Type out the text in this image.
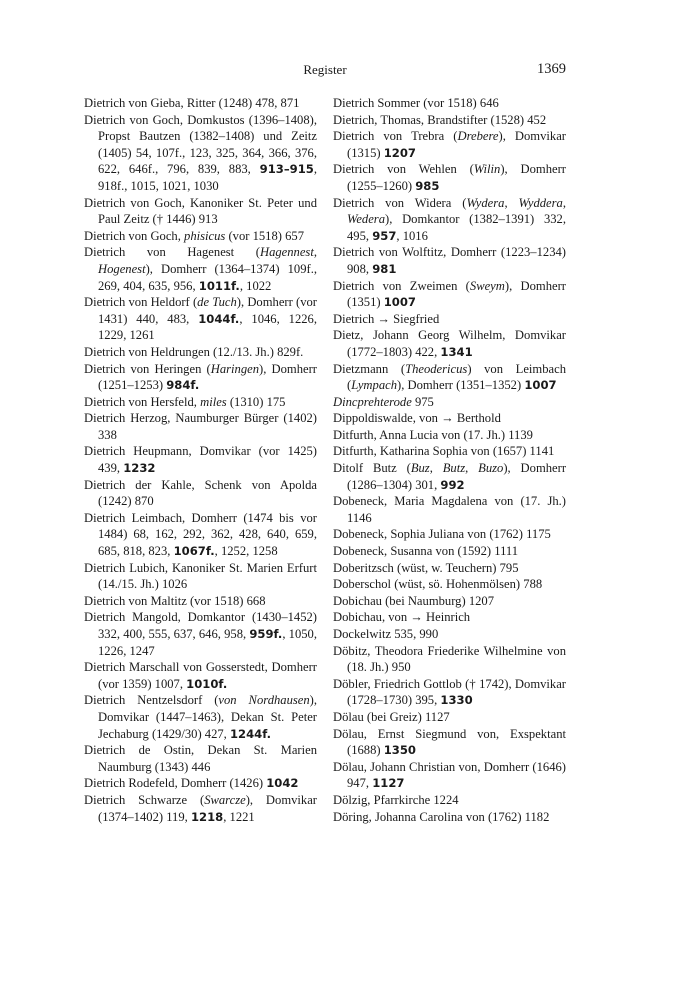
Register	1369
Dietrich von Gieba, Ritter (1248) 478, 871
Dietrich von Goch, Domkustos (1396–1408), Propst Bautzen (1382–1408) und Zeitz (1405) 54, 107f., 123, 325, 364, 366, 376, 622, 646f., 796, 839, 883, 913–915, 918f., 1015, 1021, 1030
Dietrich von Goch, Kanoniker St. Peter und Paul Zeitz († 1446) 913
Dietrich von Goch, phisicus (vor 1518) 657
Dietrich von Hagenest (Hagennest, Hogenest), Domherr (1364–1374) 109f., 269, 404, 635, 956, 1011f., 1022
Dietrich von Heldorf (de Tuch), Domherr (vor 1431) 440, 483, 1044f., 1046, 1226, 1229, 1261
Dietrich von Heldrungen (12./13. Jh.) 829f.
Dietrich von Heringen (Haringen), Domherr (1251–1253) 984f.
Dietrich von Hersfeld, miles (1310) 175
Dietrich Herzog, Naumburger Bürger (1402) 338
Dietrich Heupmann, Domvikar (vor 1425) 439, 1232
Dietrich der Kahle, Schenk von Apolda (1242) 870
Dietrich Leimbach, Domherr (1474 bis vor 1484) 68, 162, 292, 362, 428, 640, 659, 685, 818, 823, 1067f., 1252, 1258
Dietrich Lubich, Kanoniker St. Marien Erfurt (14./15. Jh.) 1026
Dietrich von Maltitz (vor 1518) 668
Dietrich Mangold, Domkantor (1430–1452) 332, 400, 555, 637, 646, 958, 959f., 1050, 1226, 1247
Dietrich Marschall von Gosserstedt, Domherr (vor 1359) 1007, 1010f.
Dietrich Nentzelsdorf (von Nordhausen), Domvikar (1447–1463), Dekan St. Peter Jechaburg (1429/30) 427, 1244f.
Dietrich de Ostin, Dekan St. Marien Naumburg (1343) 446
Dietrich Rodefeld, Domherr (1426) 1042
Dietrich Schwarze (Swarcze), Domvikar (1374–1402) 119, 1218, 1221
Dietrich Sommer (vor 1518) 646
Dietrich, Thomas, Brandstifter (1528) 452
Dietrich von Trebra (Drebere), Domvikar (1315) 1207
Dietrich von Wehlen (Wilin), Domherr (1255–1260) 985
Dietrich von Widera (Wydera, Wyddera, Wedera), Domkantor (1382–1391) 332, 495, 957, 1016
Dietrich von Wolftitz, Domherr (1223–1234) 908, 981
Dietrich von Zweimen (Sweym), Domherr (1351) 1007
Dietrich → Siegfried
Dietz, Johann Georg Wilhelm, Domvikar (1772–1803) 422, 1341
Dietzmann (Theodericus) von Leimbach (Lympach), Domherr (1351–1352) 1007
Dincprehterode 975
Dippoldiswalde, von → Berthold
Ditfurth, Anna Lucia von (17. Jh.) 1139
Ditfurth, Katharina Sophia von (1657) 1141
Ditolf Butz (Buz, Butz, Buzo), Domherr (1286–1304) 301, 992
Dobeneck, Maria Magdalena von (17. Jh.) 1146
Dobeneck, Sophia Juliana von (1762) 1175
Dobeneck, Susanna von (1592) 1111
Doberitzsch (wüst, w. Teuchern) 795
Doberschol (wüst, sö. Hohenmölsen) 788
Dobichau (bei Naumburg) 1207
Dobichau, von → Heinrich
Dockelwitz 535, 990
Döbitz, Theodora Friederike Wilhelmine von (18. Jh.) 950
Döbler, Friedrich Gottlob († 1742), Domvikar (1728–1730) 395, 1330
Dölau (bei Greiz) 1127
Dölau, Ernst Siegmund von, Exspektant (1688) 1350
Dölau, Johann Christian von, Domherr (1646) 947, 1127
Dölzig, Pfarrkirche 1224
Döring, Johanna Carolina von (1762) 1182
